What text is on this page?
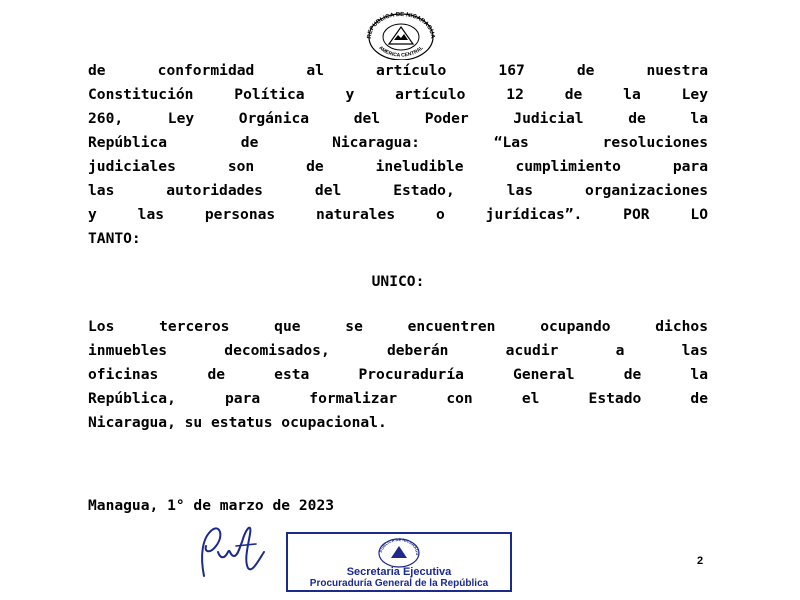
REPUBLICA DE NICARAGUA
AMERICA CENTRAL
de conformidad al artículo 167 de nuestra
Constitución Política y artículo 12 de la Ley
260, Ley Orgánica del Poder Judicial de la
República de Nicaragua: “Las resoluciones
judiciales son de ineludible cumplimiento para
las autoridades del Estado, las organizaciones
y las personas naturales o jurídicas”. POR LO
TANTO:
UNICO:
Los terceros que se encuentren ocupando dichos
inmuebles decomisados, deberán acudir a las
oficinas de esta Procuraduría General de la
República, para formalizar con el Estado de
Nicaragua, su estatus ocupacional.
Managua, 1° de marzo de 2023
PUBLICA DE NICARAGU
Secretaria Ejecutiva
Procuraduría General de la República
2
